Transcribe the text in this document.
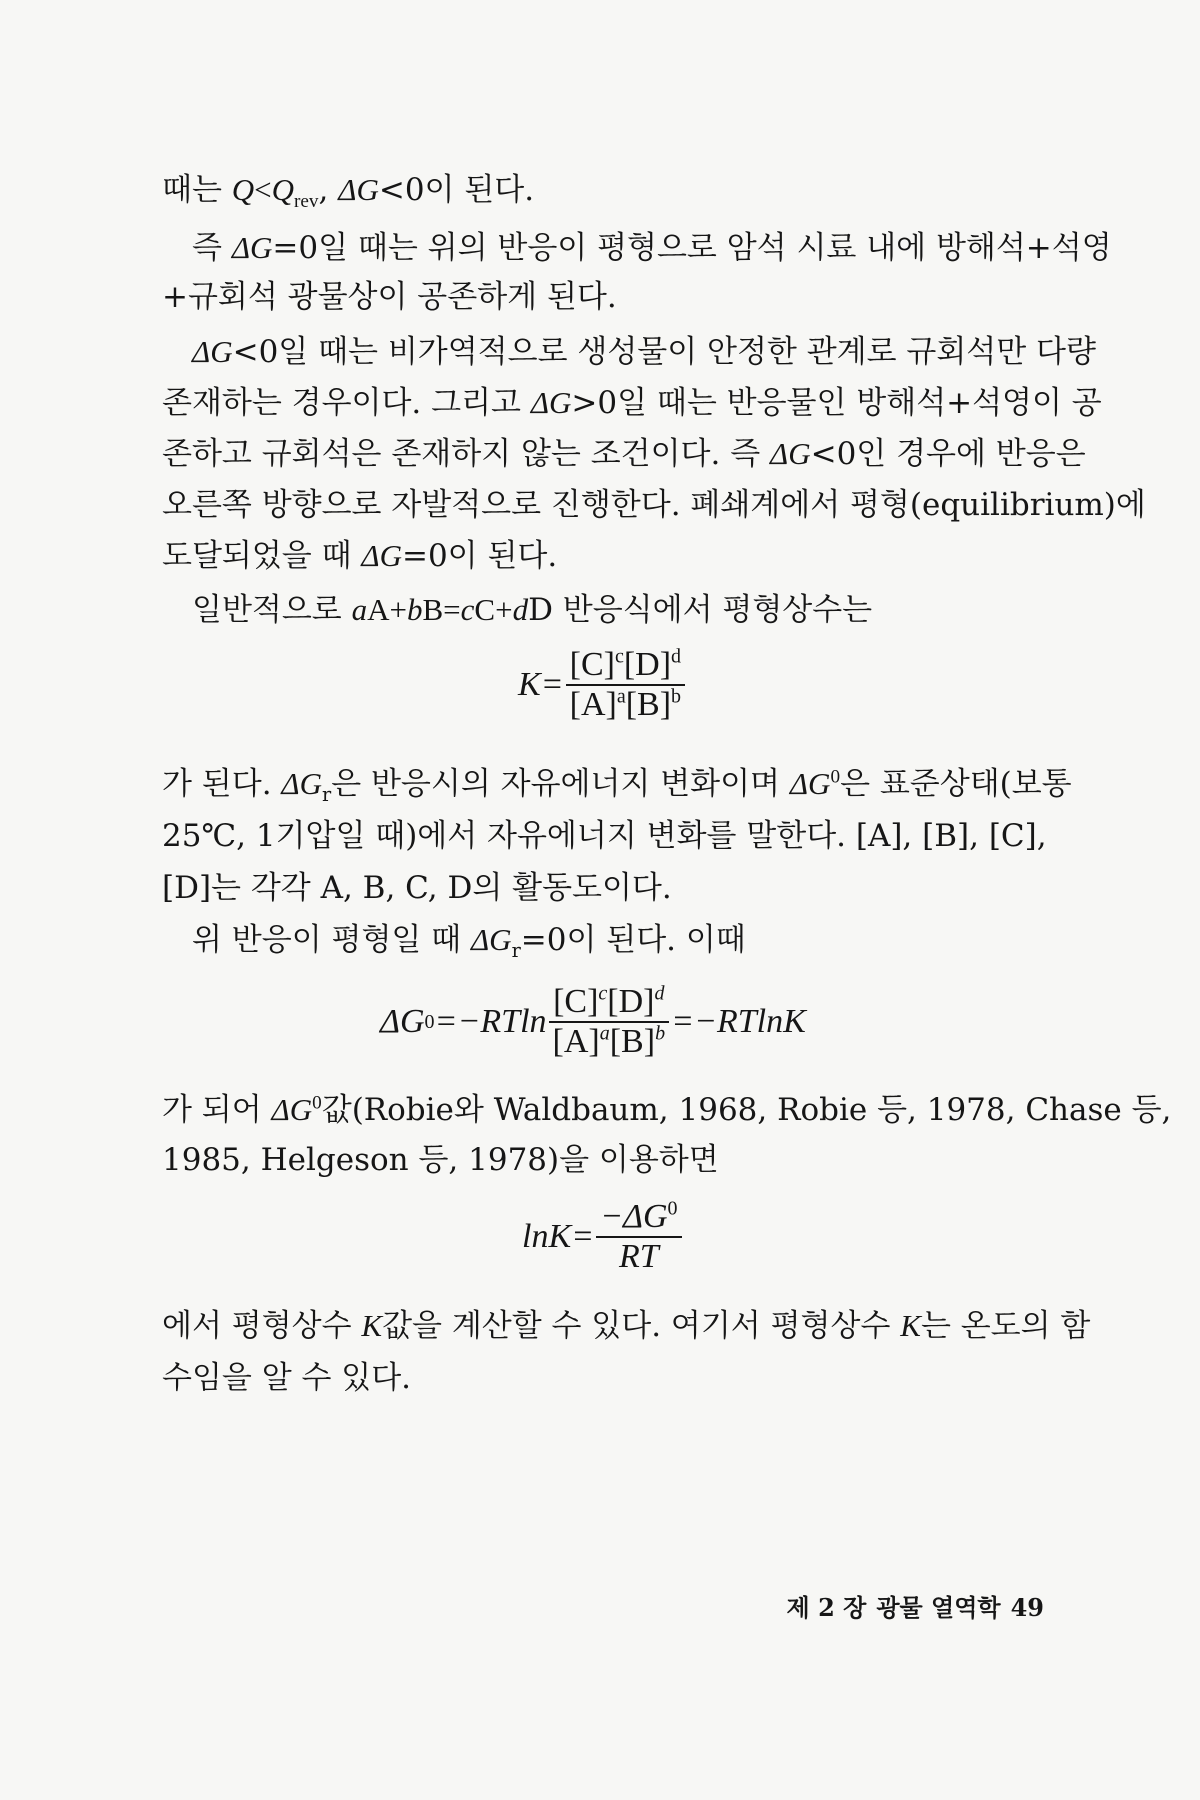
때는 $Q<Q_{rev}$, ΔG<0이 된다.
즉 ΔG=0일 때는 위의 반응이 평형으로 암석 시료 내에 방해석+석영
+규회석 광물상이 공존하게 된다.
ΔG<0일 때는 비가역적으로 생성물이 안정한 관계로 규회석만 다량
존재하는 경우이다. 그리고 ΔG>0일 때는 반응물인 방해석+석영이 공
존하고 규회석은 존재하지 않는 조건이다. 즉 ΔG<0인 경우에 반응은
오른쪽 방향으로 자발적으로 진행한다. 폐쇄계에서 평형(equilibrium)에
도달되었을 때 ΔG=0이 된다.
일반적으로 aA+bB=cC+dD 반응식에서 평형상수는
$K= \frac{[C]^c[D]^d}{[A]^a[B]^b}$
가 된다. $\Delta G_r$은 반응시의 자유에너지 변화이며 $\Delta G^0$은 표준상태(보통
25℃, 1기압일 때)에서 자유에너지 변화를 말한다. [A], [B], [C],
[D]는 각각 A, B, C, D의 활동도이다.
위 반응이 평형일 때 $\Delta G_r=0$이 된다. 이때
ΔG $0 =-RTln \frac{[C]^c[D]^d}{[A]^a[B]^b} =-RTlnK$
가 되어 $\Delta G^0$값(Robie와 Waldbaum, 1968, Robie 등, 1978, Chase 등,
1985, Helgeson 등, 1978)을 이용하면
$\ln K= \frac{-\Delta G^0}{RT}$
에서 평형상수 K값을 계산할 수 있다. 여기서 평형상수 K는 온도의 함
수임을 알 수 있다.
제 2 장 광물 열역학 49
